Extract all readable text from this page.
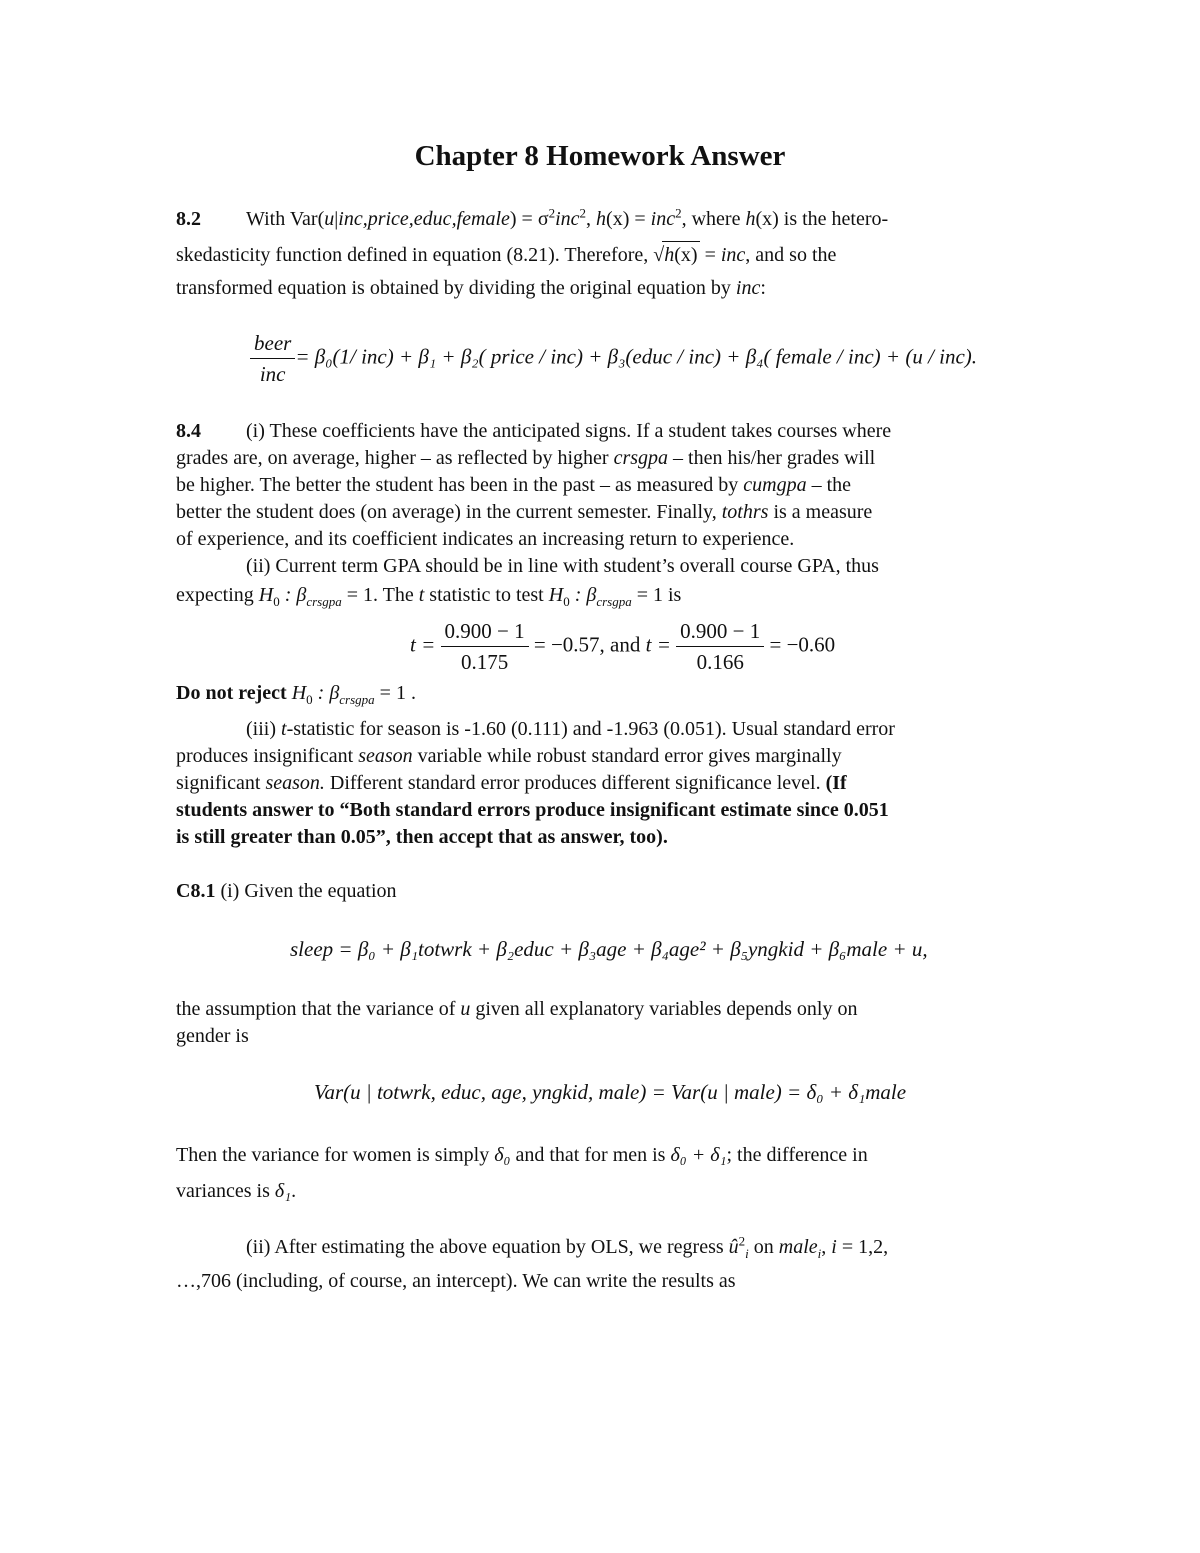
Chapter 8 Homework Answer
8.2 With Var(u|inc,price,educ,female) = $\sigma^2inc^2$, h(x) = inc$^2$, where h(x) is the hetero-
skedasticity function defined in equation (8.21). Therefore, √h(x) = inc, and so the
transformed equation is obtained by dividing the original equation by inc:
$\frac{\text{beer}}{\text{inc}} = \beta_0(1/$ inc) + β₁ + β₂( price / inc) + β₃(educ / inc) + β₄( female / inc) + (u / inc).
8.4 (i) These coefficients have the anticipated signs. If a student takes courses where
grades are, on average, higher – as reflected by higher crsgpa – then his/her grades will
be higher. The better the student has been in the past – as measured by cumgpa – the
better the student does (on average) in the current semester. Finally, tothrs is a measure
of experience, and its coefficient indicates an increasing return to experience.
(ii) Current term GPA should be in line with student’s overall course GPA, thus
expecting $H_0$ : $\beta_{crsgpa} = 1$. The t statistic to test $H_0$ : $\beta_{crsgpa} = 1$ is
$t = \frac{0.900 - 1}{0.175} = -0.57$, and $t = \frac{0.900 - 1}{0.166} = -0.60$
Do not reject $H_0$ : $\beta_{crsgpa} = 1$ .
(iii) t-statistic for season is -1.60 (0.111) and -1.963 (0.051). Usual standard error
produces insignificant season variable while robust standard error gives marginally
significant season. Different standard error produces different significance level. (If
students answer to “Both standard errors produce insignificant estimate since 0.051
is still greater than 0.05”, then accept that as answer, too).
C8.1 (i) Given the equation
sleep = β₀ + β₁totwrk + β₂educ + β₃age + β₄age² + β₅yngkid + β₆male + u,
the assumption that the variance of u given all explanatory variables depends only on
gender is
Var(u | totwrk, educ, age, yngkid, male) = Var(u | male) = δ₀ + δ₁male
Then the variance for women is simply δ₀ and that for men is δ₀ + δ₁; the difference in
variances is δ₁.
(ii) After estimating the above equation by OLS, we regress $û^2_i$ on male$_i$, i = 1,2,
…,706 (including, of course, an intercept). We can write the results as
